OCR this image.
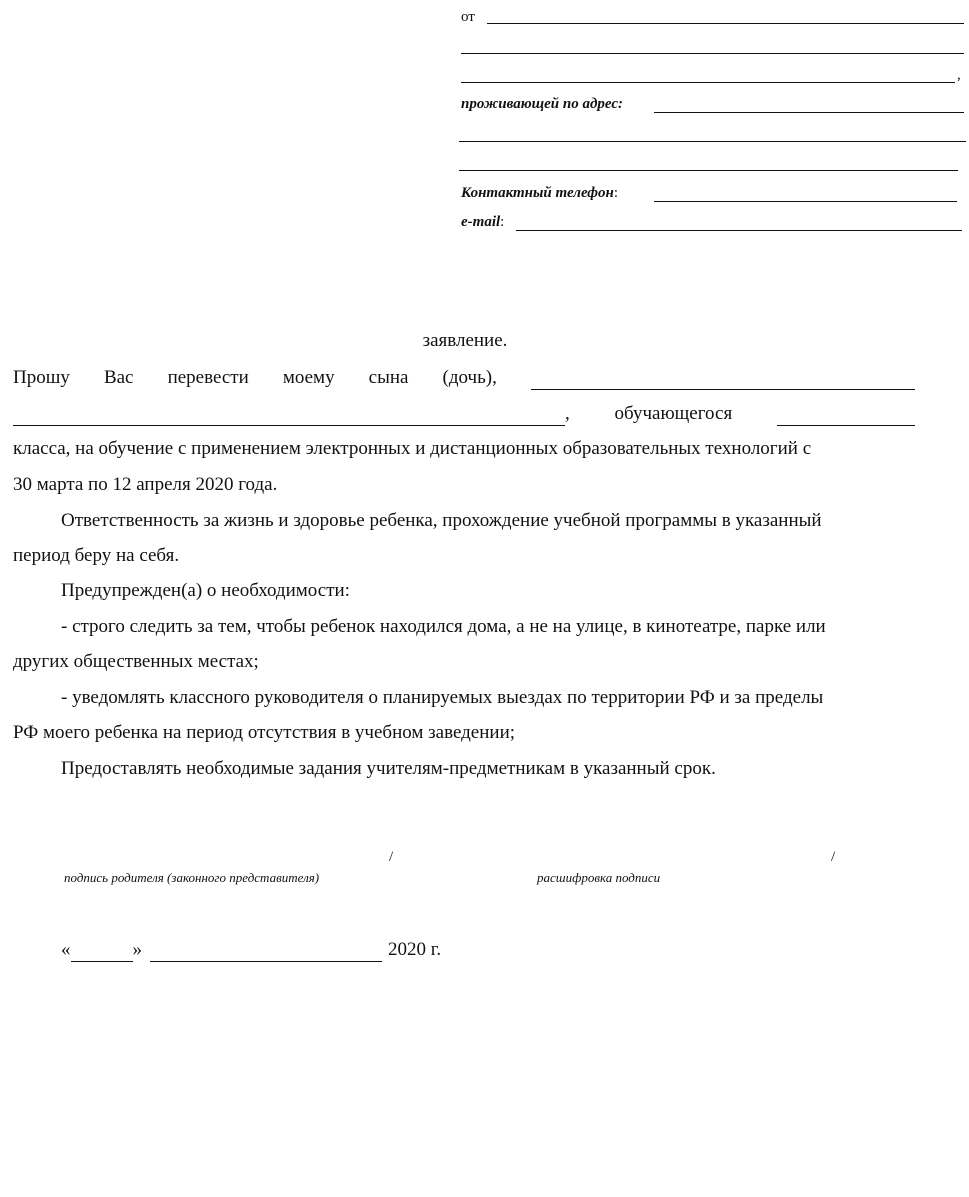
от
,
проживающей по адрес:
Контактный телефон:
e-mail:
заявление.
Прошу Вас перевести моему сына (дочь),
, обучающегося
класса, на обучение с применением электронных и дистанционных образовательных технологий с
30 марта по 12 апреля 2020 года.
Ответственность за жизнь и здоровье ребенка, прохождение учебной программы в указанный
период беру на себя.
Предупрежден(а) о необходимости:
- строго следить за тем, чтобы ребенок находился дома, а не на улице, в кинотеатре, парке или
других общественных местах;
- уведомлять классного руководителя о планируемых выездах по территории РФ и за пределы
РФ моего ребенка на период отсутствия в учебном заведении;
Предоставлять необходимые задания учителям-предметникам в указанный срок.
/
подпись родителя (законного представителя)
/
расшифровка подписи
«	»	2020 г.
